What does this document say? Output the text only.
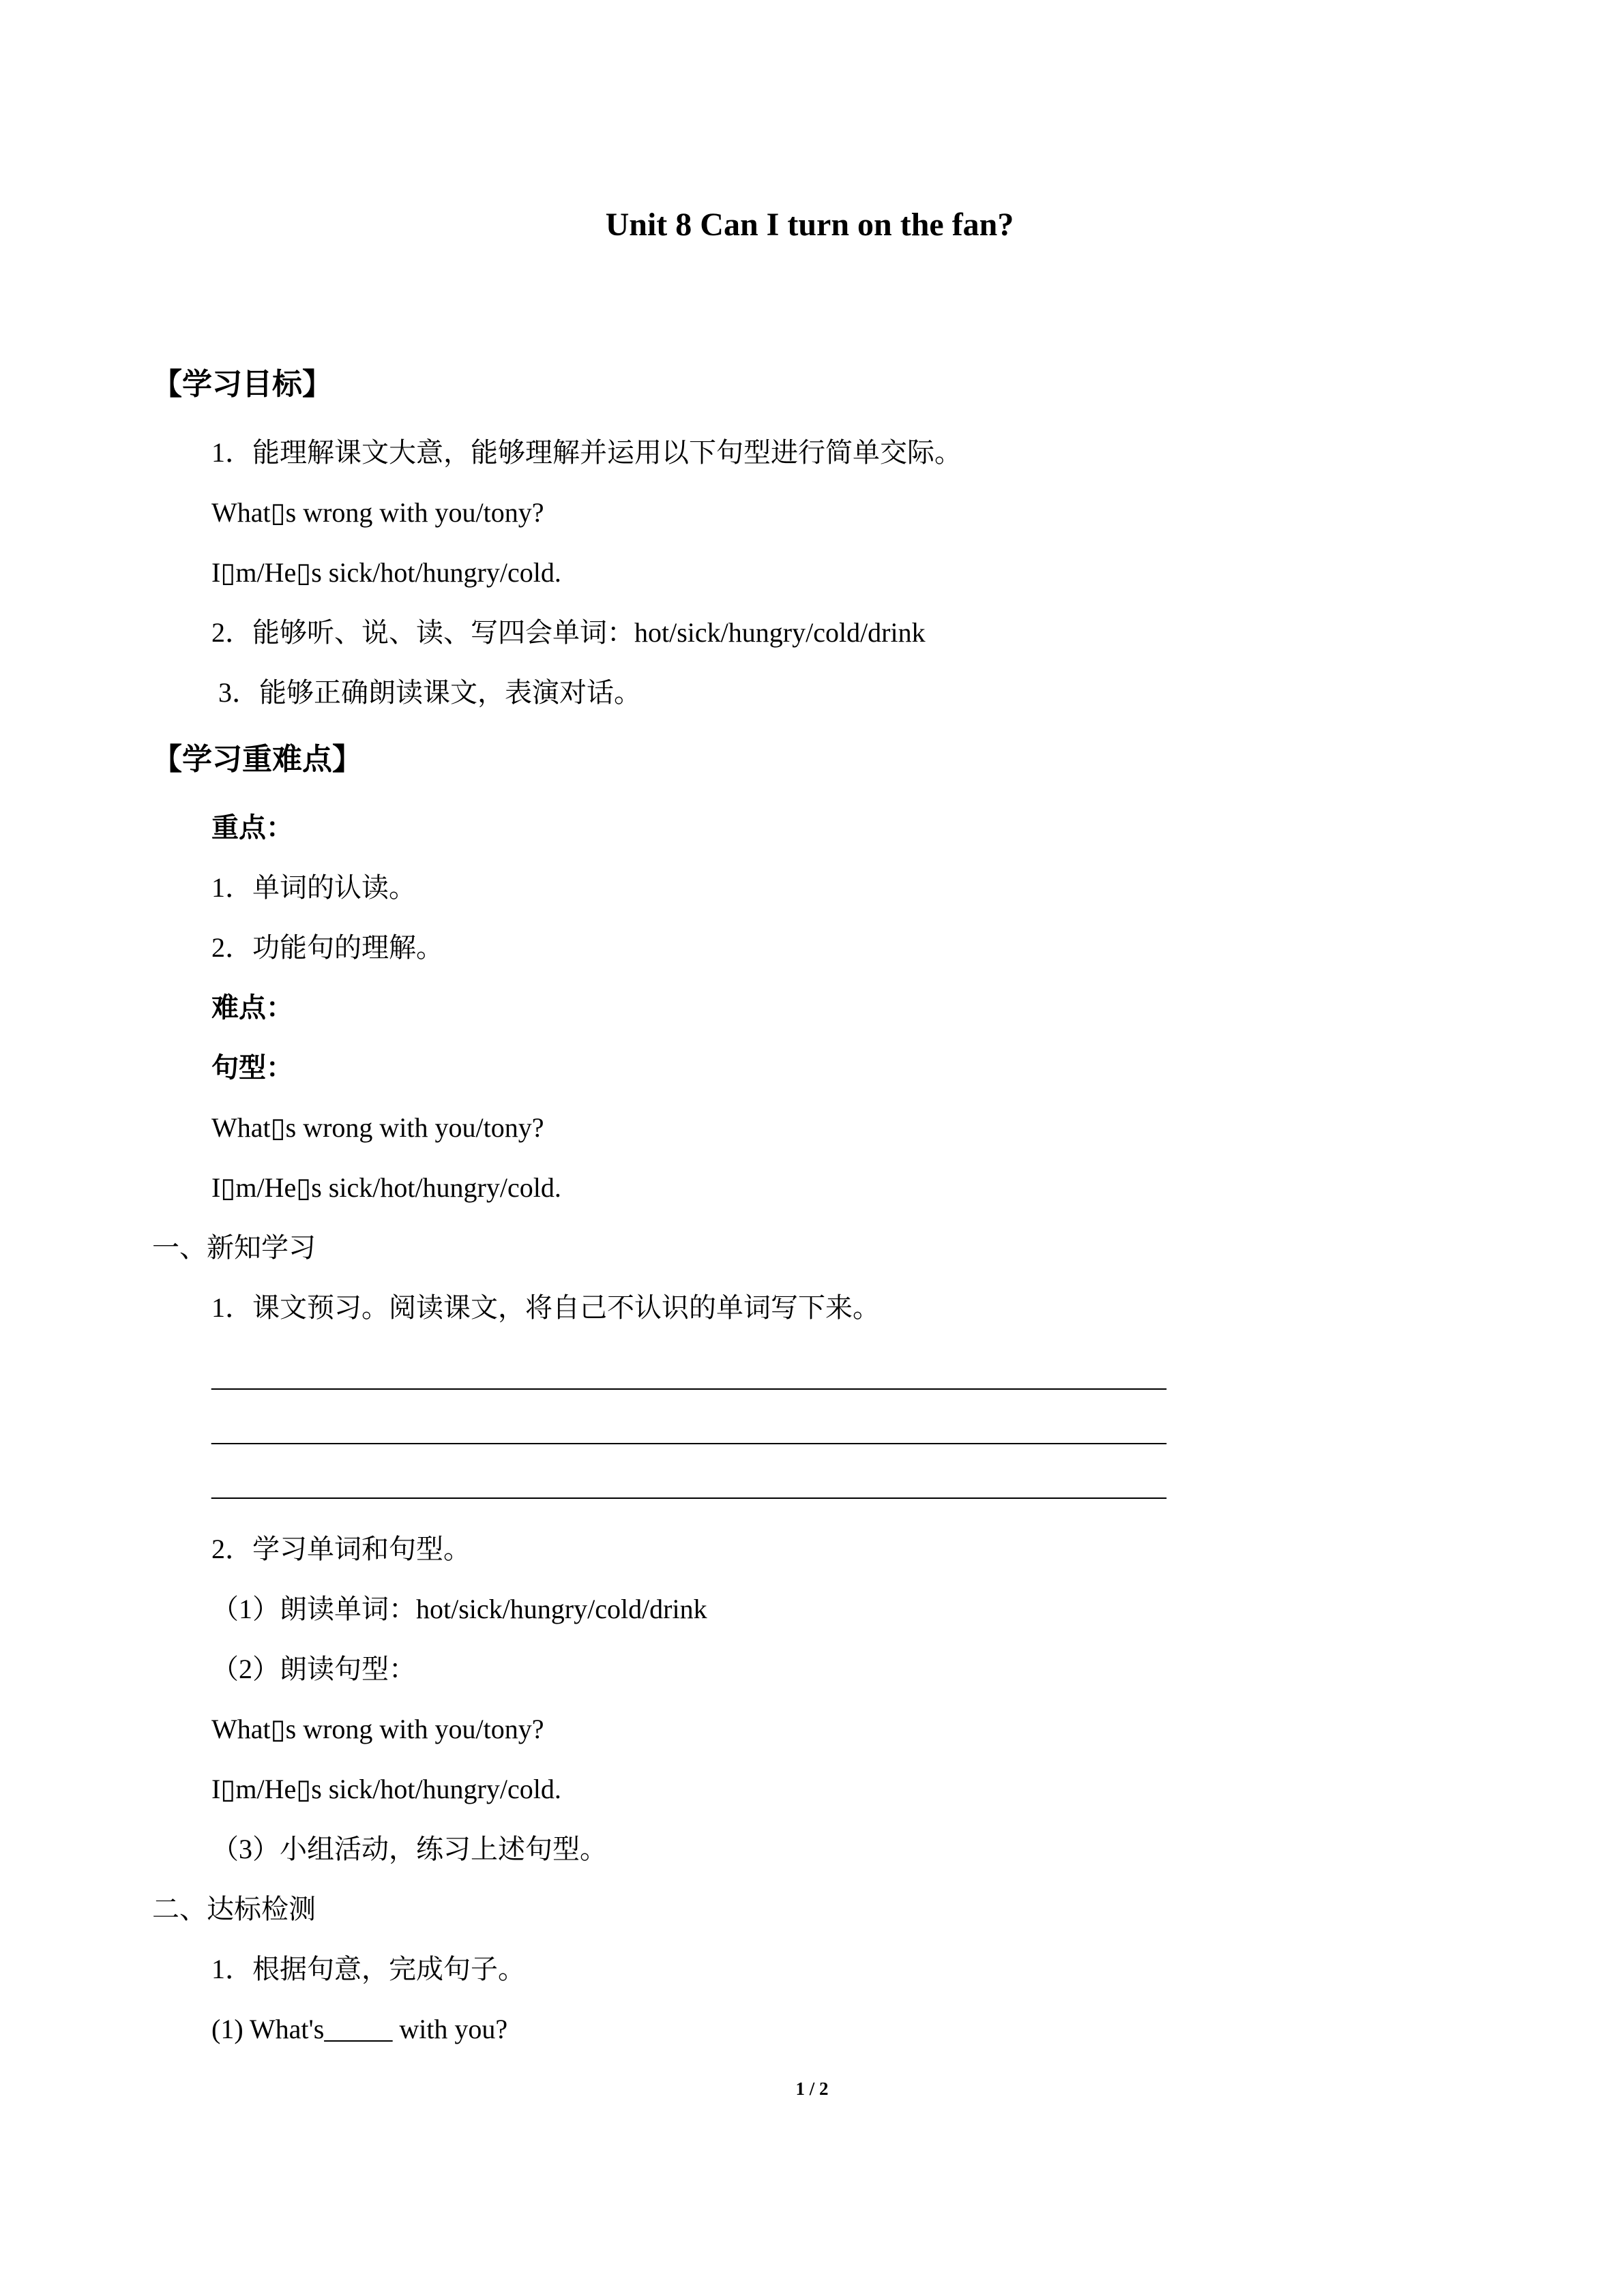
Unit 8 Can I turn on the fan?
【学习目标】

1．能理解课文大意，能够理解并运用以下句型进行简单交际。

What▯s wrong with you/tony?

I▯m/He▯s sick/hot/hungry/cold.

2．能够听、说、读、写四会单词：hot/sick/hungry/cold/drink

3．能够正确朗读课文，表演对话。

【学习重难点】

重点：

1．单词的认读。

2．功能句的理解。

难点：

句型：

What▯s wrong with you/tony?

I▯m/He▯s sick/hot/hungry/cold.

一、新知学习

1．课文预习。阅读课文，将自己不认识的单词写下来。

______________________________________________________________________

______________________________________________________________________

______________________________________________________________________

2．学习单词和句型。

（1）朗读单词：hot/sick/hungry/cold/drink

（2）朗读句型：

What▯s wrong with you/tony?

I▯m/He▯s sick/hot/hungry/cold.

（3）小组活动，练习上述句型。

二、达标检测

1．根据句意，完成句子。

(1) What's_____ with you?

1 / 2
